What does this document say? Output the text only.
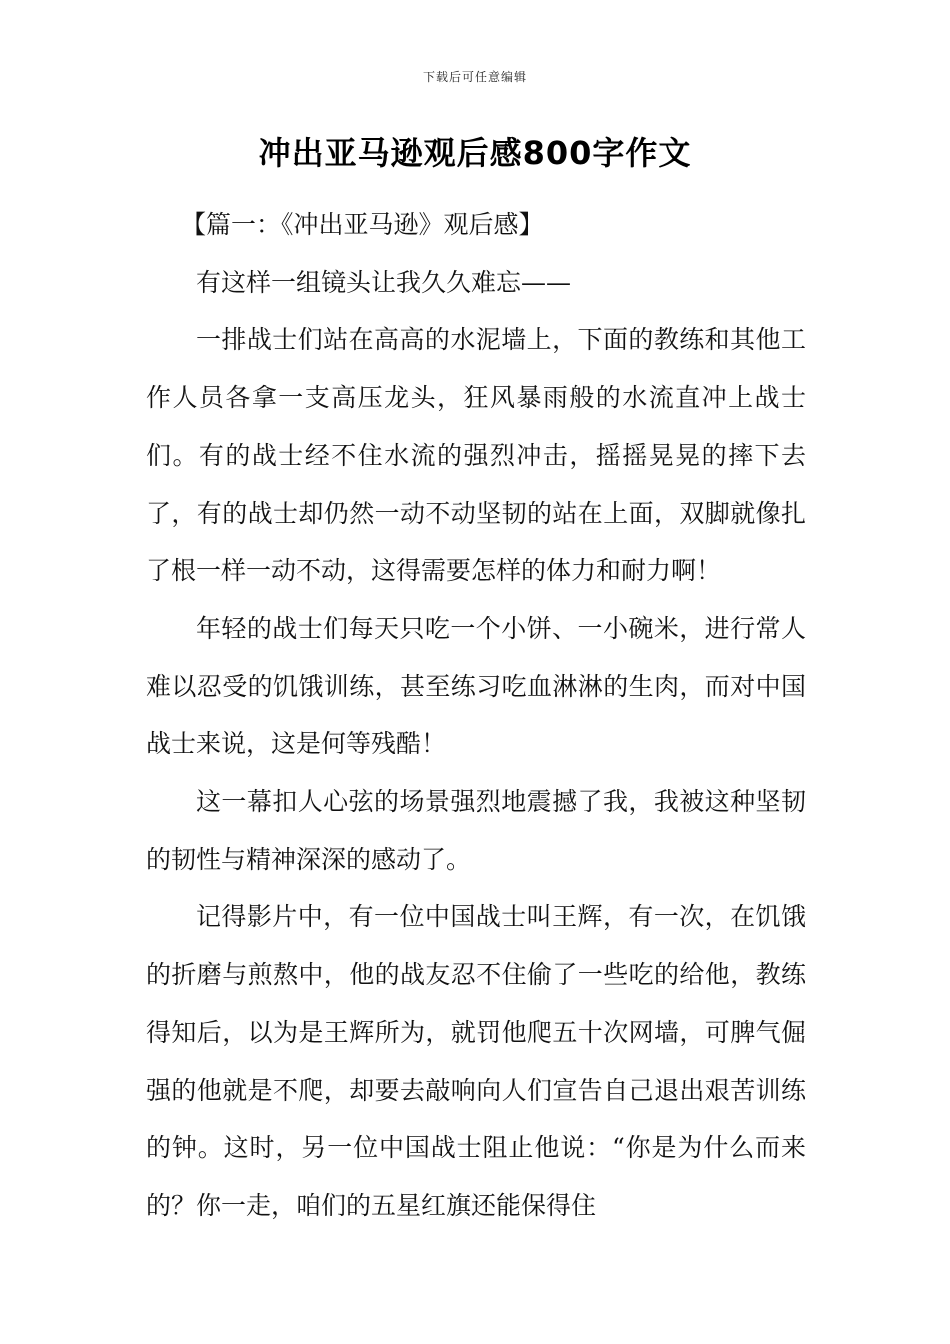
下载后可任意编辑
冲出亚马逊观后感800字作文

【篇一：《冲出亚马逊》观后感】

有这样一组镜头让我久久难忘——

一排战士们站在高高的水泥墙上，下面的教练和其他工作人员各拿一支高压龙头，狂风暴雨般的水流直冲上战士们。有的战士经不住水流的强烈冲击，摇摇晃晃的摔下去了，有的战士却仍然一动不动坚韧的站在上面，双脚就像扎了根一样一动不动，这得需要怎样的体力和耐力啊！

年轻的战士们每天只吃一个小饼、一小碗米，进行常人难以忍受的饥饿训练，甚至练习吃血淋淋的生肉，而对中国战士来说，这是何等残酷！

这一幕扣人心弦的场景强烈地震撼了我，我被这种坚韧的韧性与精神深深的感动了。

记得影片中，有一位中国战士叫王辉，有一次，在饥饿的折磨与煎熬中，他的战友忍不住偷了一些吃的给他，教练得知后，以为是王辉所为，就罚他爬五十次网墙，可脾气倔强的他就是不爬，却要去敲响向人们宣告自己退出艰苦训练的钟。这时，另一位中国战士阻止他说：“你是为什么而来的？你一走，咱们的五星红旗还能保得住
